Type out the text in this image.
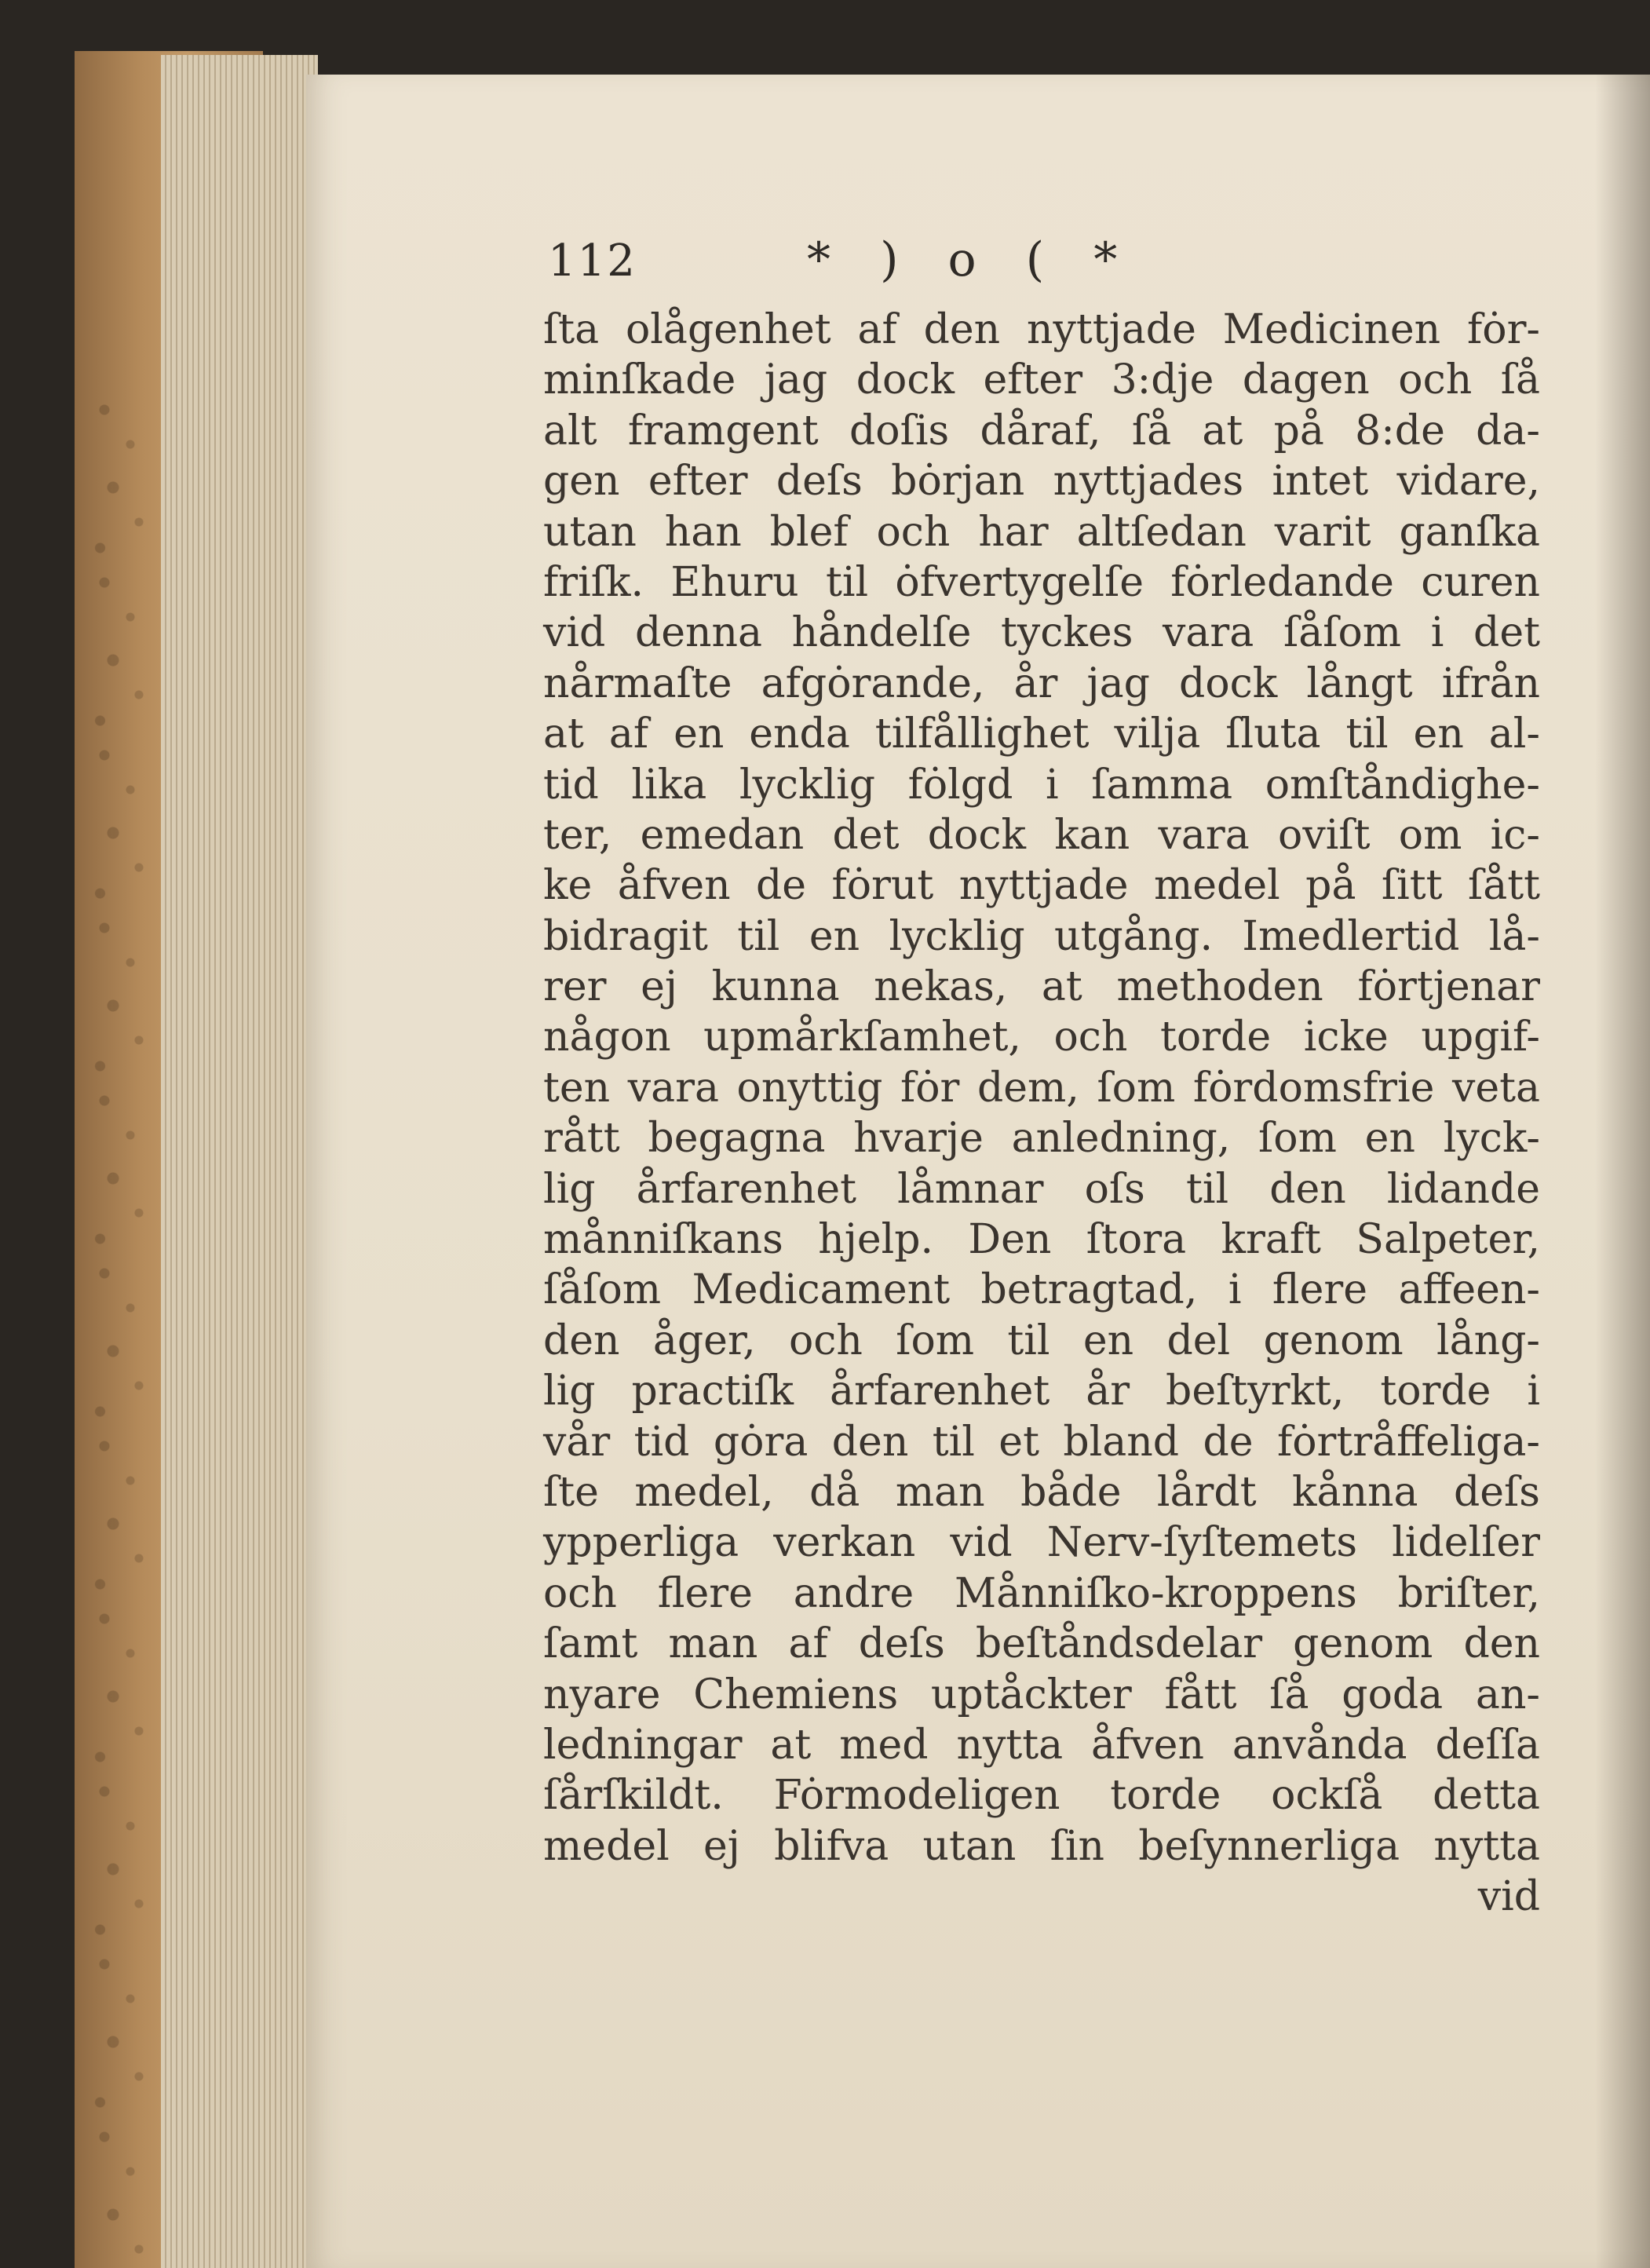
112	* ) o ( *
ſta olågenhet af den nyttjade Medicinen fȯr-
minſkade jag dock efter 3:dje dagen och ſå
alt framgent doſis dåraf, ſå at på 8:de da-
gen efter deſs bȯrjan nyttjades intet vidare,
utan han blef och har altſedan varit ganſka
friſk. Ehuru til ȯfvertygelſe fȯrledande curen
vid denna håndelſe tyckes vara ſåſom i det
nårmaſte afgȯrande, år jag dock långt ifrån
at af en enda tilfållighet vilja ſluta til en al-
tid lika lycklig fȯlgd i ſamma omſtåndighe-
ter, emedan det dock kan vara oviſt om ic-
ke åfven de fȯrut nyttjade medel på ſitt ſått
bidragit til en lycklig utgång. Imedlertid lå-
rer ej kunna nekas, at methoden fȯrtjenar
någon upmårkſamhet, och torde icke upgif-
ten vara onyttig fȯr dem, ſom fȯrdomsfrie veta
rått begagna hvarje anledning, ſom en lyck-
lig årfarenhet låmnar oſs til den lidande
månniſkans hjelp. Den ſtora kraft Salpeter,
ſåſom Medicament betragtad, i flere affeen-
den åger, och ſom til en del genom lång-
lig practiſk årfarenhet år beſtyrkt, torde i
vår tid gȯra den til et bland de fȯrtråffeliga-
ſte medel, då man både lårdt kånna deſs
ypperliga verkan vid Nerv-ſyſtemets lidelſer
och flere andre Månniſko-kroppens briſter,
ſamt man af deſs beſtåndsdelar genom den
nyare Chemiens uptåckter fått ſå goda an-
ledningar at med nytta åfven anvånda deſſa
ſårſkildt. Fȯrmodeligen torde ockſå detta
medel ej blifva utan ſin beſynnerliga nytta
vid
